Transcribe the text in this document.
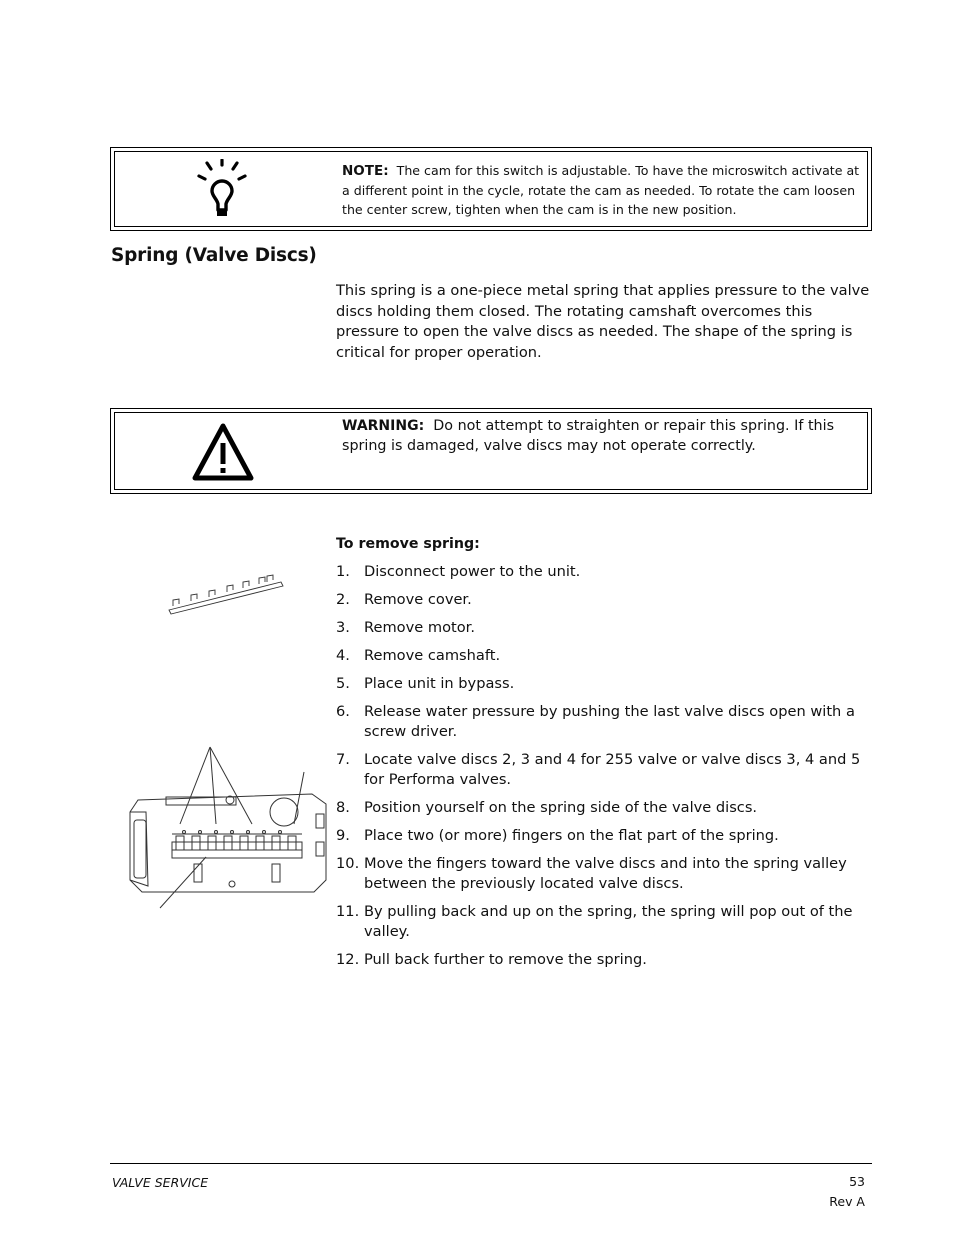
NOTE: The cam for this switch is adjustable. To have the microswitch activate at a different point in the cycle, rotate the cam as needed. To rotate the cam loosen the center screw, tighten when the cam is in the new position.
Spring (Valve Discs)
This spring is a one-piece metal spring that applies pressure to the valve discs holding them closed. The rotating camshaft overcomes this pressure to open the valve discs as needed. The shape of the spring is critical for proper operation.
WARNING: Do not attempt to straighten or repair this spring. If this spring is damaged, valve discs may not operate correctly.
To remove spring:
1. Disconnect power to the unit.
2. Remove cover.
3. Remove motor.
4. Remove camshaft.
5. Place unit in bypass.
6. Release water pressure by pushing the last valve discs open with a screw driver.
7. Locate valve discs 2, 3 and 4 for 255 valve or valve discs 3, 4 and 5 for Performa valves.
8. Position yourself on the spring side of the valve discs.
9. Place two (or more) fingers on the flat part of the spring.
10. Move the fingers toward the valve discs and into the spring valley between the previously located valve discs.
11. By pulling back and up on the spring, the spring will pop out of the valley.
12. Pull back further to remove the spring.
VALVE SERVICE	53
Rev A
